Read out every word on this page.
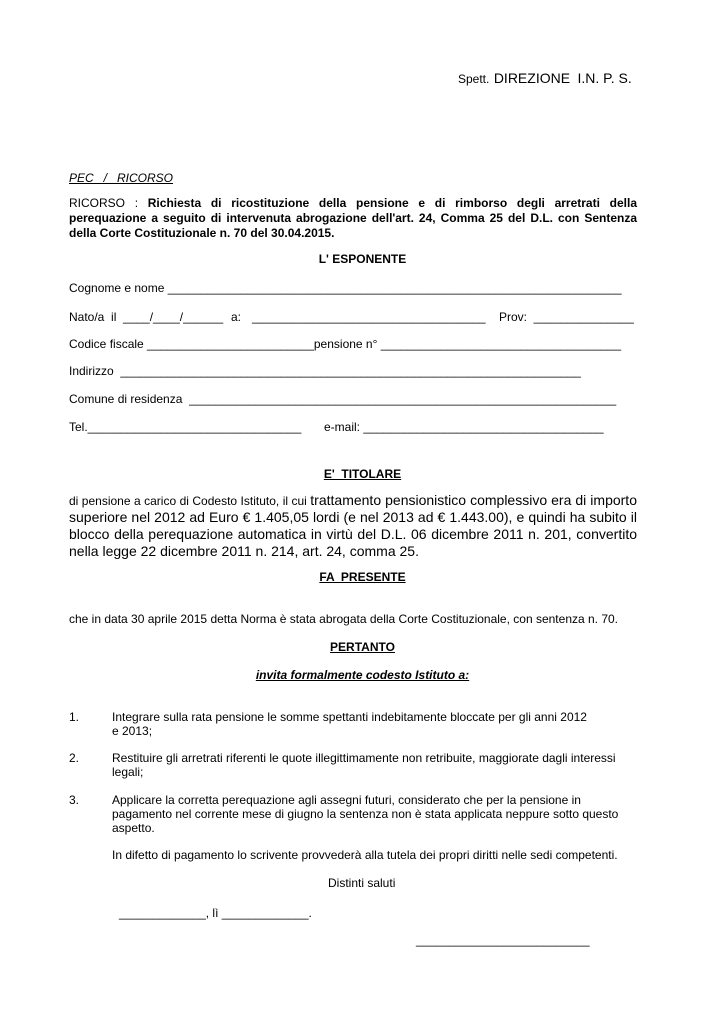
Spett. DIREZIONE I.N. P. S.
PEC   /   RICORSO
RICORSO : Richiesta di ricostituzione della pensione e di rimborso degli arretrati della perequazione a seguito di intervenuta abrogazione dell'art. 24, Comma 25 del D.L. con Sentenza della Corte Costituzionale n. 70 del 30.04.2015.
L' ESPONENTE
Cognome e nome ____________________________________________________________________
Nato/a  il  ____/____/______ a: ___________________________________ Prov:  _______________
Codice fiscale _________________________pensione n° ____________________________________
Indirizzo  _____________________________________________________________________
Comune di residenza  ________________________________________________________________
Tel.________________________________ e-mail: ____________________________________
E'  TITOLARE
di pensione a carico di Codesto Istituto, il cui trattamento pensionistico complessivo era di importo superiore nel 2012 ad Euro € 1.405,05 lordi (e nel 2013 ad € 1.443.00), e quindi ha subito il blocco della perequazione automatica in virtù del D.L. 06 dicembre 2011 n. 201, convertito nella legge 22 dicembre 2011 n. 214, art. 24, comma 25.
FA  PRESENTE
che in data 30 aprile 2015 detta Norma è stata abrogata della Corte Costituzionale, con sentenza n. 70.
PERTANTO
invita formalmente codesto Istituto a:
1.	Integrare sulla rata pensione le somme spettanti indebitamente bloccate per gli anni 2012
e 2013;
2.	Restituire gli arretrati riferenti le quote illegittimamente non retribuite, maggiorate dagli interessi
legali;
3.	Applicare la corretta perequazione agli assegni futuri, considerato che per la pensione in
pagamento nel corrente mese di giugno la sentenza non è stata applicata neppure sotto questo
aspetto.
In difetto di pagamento lo scrivente provvederà alla tutela dei propri diritti nelle sedi competenti.
Distinti saluti
_____________, lì _____________.
__________________________
